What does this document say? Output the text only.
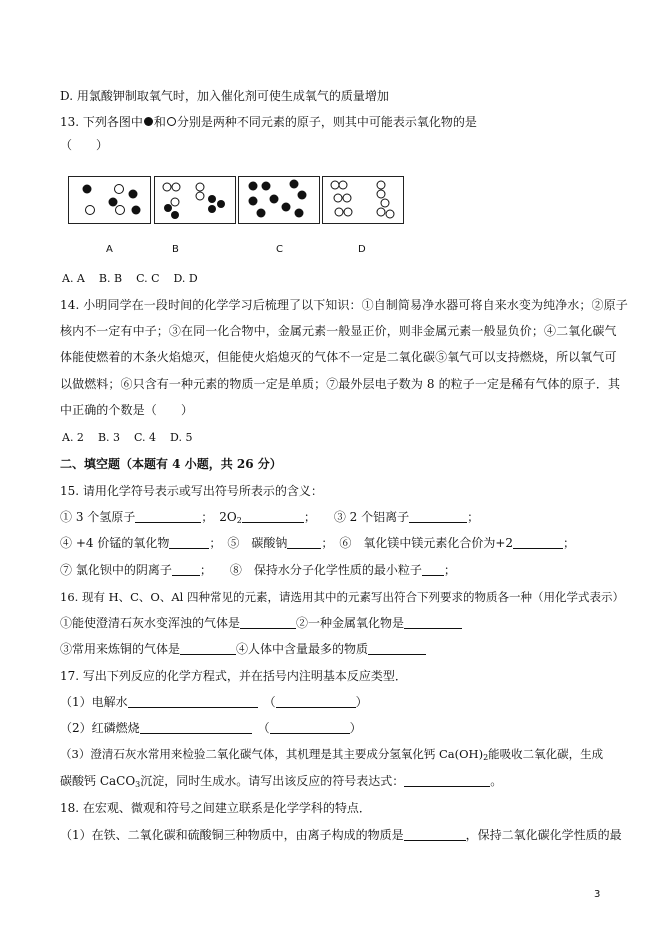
D. 用氯酸钾制取氧气时，加入催化剂可使生成氧气的质量增加
13. 下列各图中 和 分别是两种不同元素的原子，则其中可能表示氧化物的是
（　　）
A	B	C	D
A. A B. B C. C D. D
14. 小明同学在一段时间的化学学习后梳理了以下知识：①自制简易净水器可将自来水变为纯净水；②原子
核内不一定有中子；③在同一化合物中，金属元素一般显正价，则非金属元素一般显负价；④二氧化碳气
体能使燃着的木条火焰熄灭，但能使火焰熄灭的气体不一定是二氧化碳⑤氧气可以支持燃烧，所以氧气可
以做燃料；⑥只含有一种元素的物质一定是单质；⑦最外层电子数为 8 的粒子一定是稀有气体的原子．其
中正确的个数是（　　）
A. 2 B. 3 C. 4 D. 5
二、填空题（本题有 4 小题，共 26 分）
15. 请用化学符号表示或写出符号所表示的含义：
① 3 个氢原子	；　$2O_2$	；　　③ 2 个铝离子	；
④ +4 价锰的氧化物	；　⑤　碳酸钠	；　⑥　氧化镁中镁元素化合价为+2	；
⑦ 氯化钡中的阴离子 ；　　⑧　保持水分子化学性质的最小粒子 ；
16. 现有 H、C、O、Al 四种常见的元素，请选用其中的元素写出符合下列要求的物质各一种（用化学式表示）
①能使澄清石灰水变浑浊的气体是	②一种金属氧化物是
③常用来炼铜的气体是	④人体中含量最多的物质
17. 写出下列反应的化学方程式，并在括号内注明基本反应类型．
（1）电解水　	（	）
（2）红磷燃烧　	（	）
（3）澄清石灰水常用来检验二氧化碳气体，其机理是其主要成分氢氧化钙 $Ca(OH)_2$能吸收二氧化碳，生成
碳酸钙 CaCO$_3$沉淀，同时生成水。请写出该反应的符号表达式：	。
18. 在宏观、微观和符号之间建立联系是化学学科的特点．
（1）在铁、二氧化碳和硫酸铜三种物质中，由离子构成的物质是	，保持二氧化碳化学性质的最
3
